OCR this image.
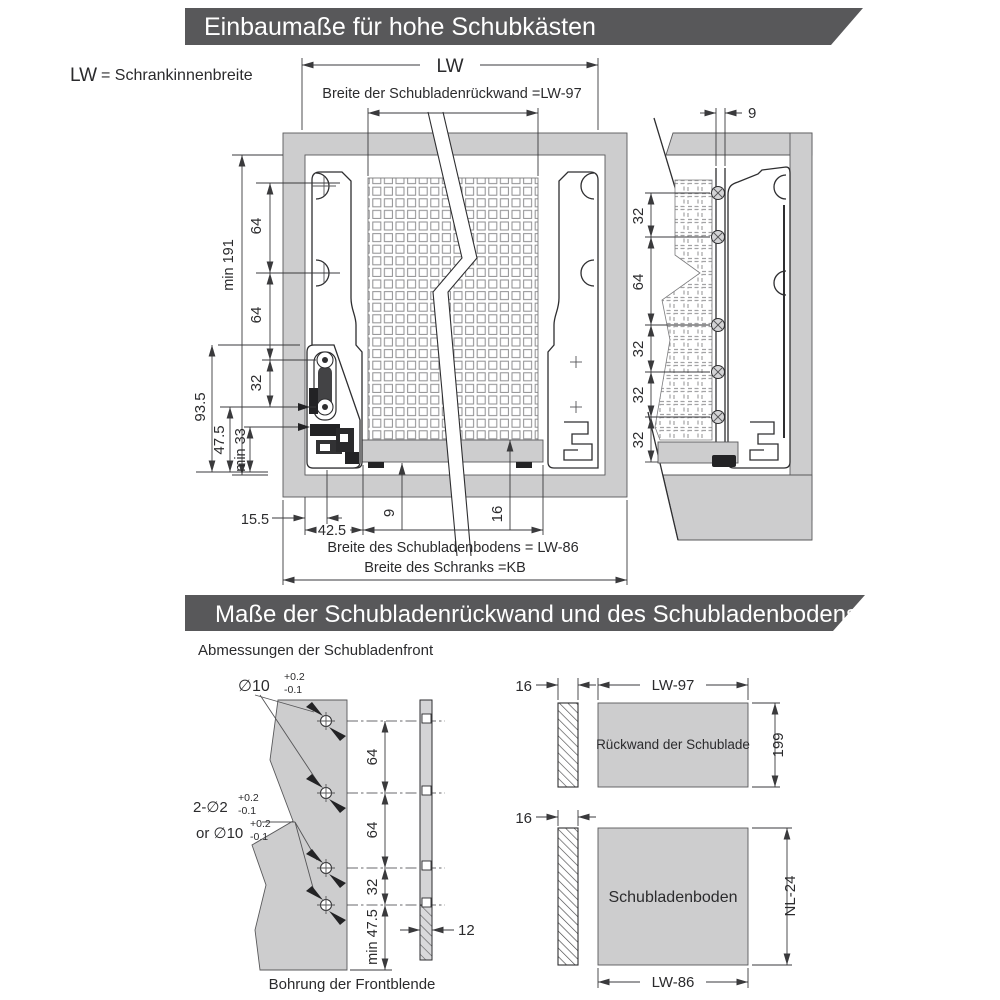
Einbaumaße für hohe Schubkästen
LW = Schrankinnenbreite	LW
Breite der Schubladenrückwand =LW-97
min 191
64
64
32
93.5
47.5 min 33
15.5
42.5
9	16
Breite des Schubladenbodens = LW-86
Breite des Schranks =KB
9
32
64
32
32
32
Maße der Schubladenrückwand und des Schubladenbodens
Abmessungen der Schubladenfront
∅10
+0.2
-0.1
2-∅2
+0.2
-0.1
or ∅10
+0.2
-0.1
64
64
32
min 47.5	12
Bohrung der Frontblende
16
Rückwand der Schublade
LW-97
199
16
Schubladenboden	NL-24
LW-86
